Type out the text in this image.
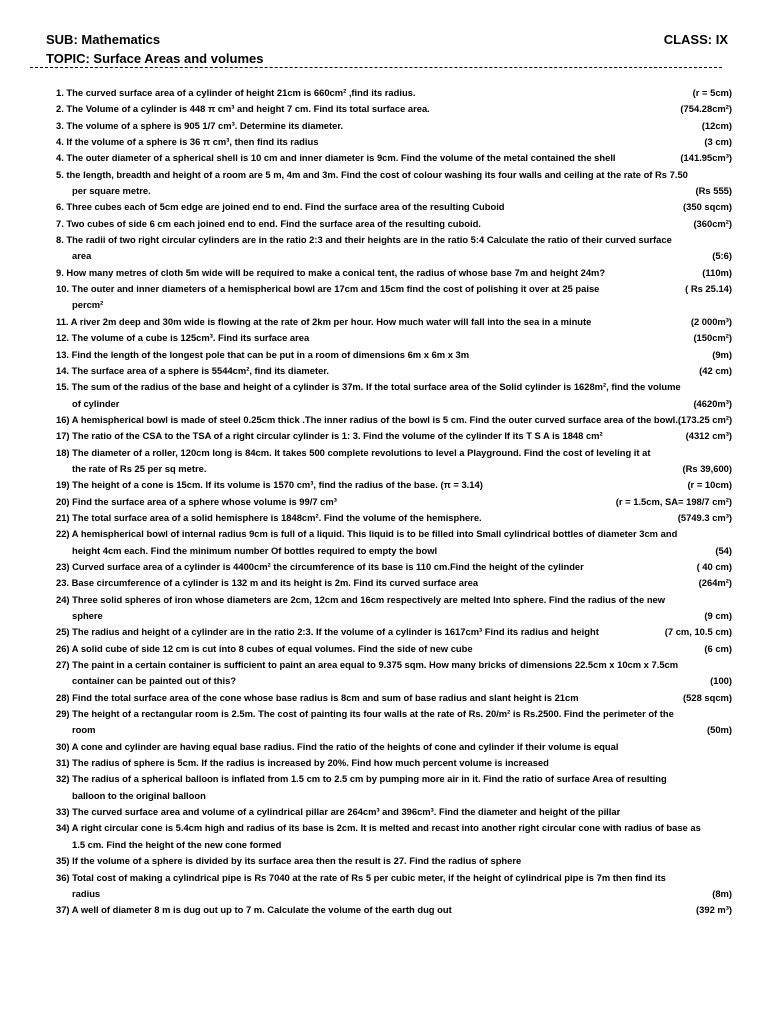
SUB: Mathematics	CLASS: IX
TOPIC: Surface Areas and volumes
1. The curved surface area of a cylinder of height 21cm is 660cm² ,find its radius.	(r = 5cm)
2. The Volume of a cylinder is 448 π cm³ and height 7 cm. Find its total surface area.	(754.28cm²)
3. The volume of a sphere is 905 1/7 cm³. Determine its diameter.	(12cm)
4. If the volume of a sphere is 36 π cm³, then find its radius	(3 cm)
4. The outer diameter of a spherical shell is 10 cm and inner diameter is 9cm. Find the volume of the metal contained the shell	(141.95cm³)
5. the length, breadth and height of a room are 5 m, 4m and 3m. Find the cost of colour washing its four walls and ceiling at the rate of Rs 7.50
per square metre.	(Rs 555)
6. Three cubes each of 5cm edge are joined end to end. Find the surface area of the resulting Cuboid	(350 sqcm)
7. Two cubes of side 6 cm each joined end to end. Find the surface area of the resulting cuboid.	(360cm²)
8. The radii of two right circular cylinders are in the ratio 2:3 and their heights are in the ratio 5:4 Calculate the ratio of their curved surface
area	(5:6)
9. How many metres of cloth 5m wide will be required to make a conical tent, the radius of whose base 7m and height 24m?	(110m)
10. The outer and inner diameters of a hemispherical bowl are 17cm and 15cm find the cost of polishing it over at 25 paise	( Rs 25.14)
percm²
11. A river 2m deep and 30m wide is flowing at the rate of 2km per hour. How much water will fall into the sea in a minute	(2 000m³)
12. The volume of a cube is 125cm³. Find its surface area	(150cm²)
13. Find the length of the longest pole that can be put in a room of dimensions 6m x 6m x 3m	(9m)
14. The surface area of a sphere is 5544cm², find its diameter.	(42 cm)
15. The sum of the radius of the base and height of a cylinder is 37m. If the total surface area of the Solid cylinder is 1628m², find the volume
of cylinder	(4620m³)
16) A hemispherical bowl is made of steel 0.25cm thick .The inner radius of the bowl is 5 cm. Find the outer curved surface area of the bowl. (173.25 cm²)
17) The ratio of the CSA to the TSA of a right circular cylinder is 1: 3. Find the volume of the cylinder If its T S A is 1848 cm²	(4312 cm³)
18) The diameter of a roller, 120cm long is 84cm. It takes 500 complete revolutions to level a Playground. Find the cost of leveling it at
the rate of Rs 25 per sq metre.	(Rs 39,600)
19) The height of a cone is 15cm. If its volume is 1570 cm³, find the radius of the base. (π = 3.14)	(r = 10cm)
20) Find the surface area of a sphere whose volume is 99/7 cm³	(r = 1.5cm, SA= 198/7 cm²)
21) The total surface area of a solid hemisphere is 1848cm². Find the volume of the hemisphere.	(5749.3 cm³)
22) A hemispherical bowl of internal radius 9cm is full of a liquid. This liquid is to be filled into Small cylindrical bottles of diameter 3cm and
height 4cm each. Find the minimum number Of bottles required to empty the bowl	(54)
23) Curved surface area of a cylinder is 4400cm² the circumference of its base is 110 cm.Find the height of the cylinder	( 40 cm)
23. Base circumference of a cylinder is 132 m and its height is 2m. Find its curved surface area	(264m²)
24) Three solid spheres of iron whose diameters are 2cm, 12cm and 16cm respectively are melted Into sphere. Find the radius of the new
sphere	(9 cm)
25) The radius and height of a cylinder are in the ratio 2:3. If the volume of a cylinder is 1617cm³ Find its radius and height	(7 cm, 10.5 cm)
26) A solid cube of side 12 cm is cut into 8 cubes of equal volumes. Find the side of new cube	(6 cm)
27) The paint in a certain container is sufficient to paint an area equal to 9.375 sqm. How many bricks of dimensions 22.5cm x 10cm x 7.5cm
container can be painted out of this?	(100)
28) Find the total surface area of the cone whose base radius is 8cm and sum of base radius and slant height is 21cm	(528 sqcm)
29) The height of a rectangular room is 2.5m. The cost of painting its four walls at the rate of Rs. 20/m² is Rs.2500. Find the perimeter of the
room	(50m)
30) A cone and cylinder are having equal base radius. Find the ratio of the heights of cone and cylinder if their volume is equal
31) The radius of sphere is 5cm. If the radius is increased by 20%. Find how much percent volume is increased
32) The radius of a spherical balloon is inflated from 1.5 cm to 2.5 cm by pumping more air in it. Find the ratio of surface Area of resulting
balloon to the original balloon
33) The curved surface area and volume of a cylindrical pillar are 264cm³ and 396cm³. Find the diameter and height of the pillar
34) A right circular cone is 5.4cm high and radius of its base is 2cm. It is melted and recast into another right circular cone with radius of base as
1.5 cm. Find the height of the new cone formed
35) If the volume of a sphere is divided by its surface area then the result is 27. Find the radius of sphere
36) Total cost of making a cylindrical pipe is Rs 7040 at the rate of Rs 5 per cubic meter, if the height of cylindrical pipe is 7m then find its
radius	(8m)
37) A well of diameter 8 m is dug out up to 7 m. Calculate the volume of the earth dug out	(392 m³)
